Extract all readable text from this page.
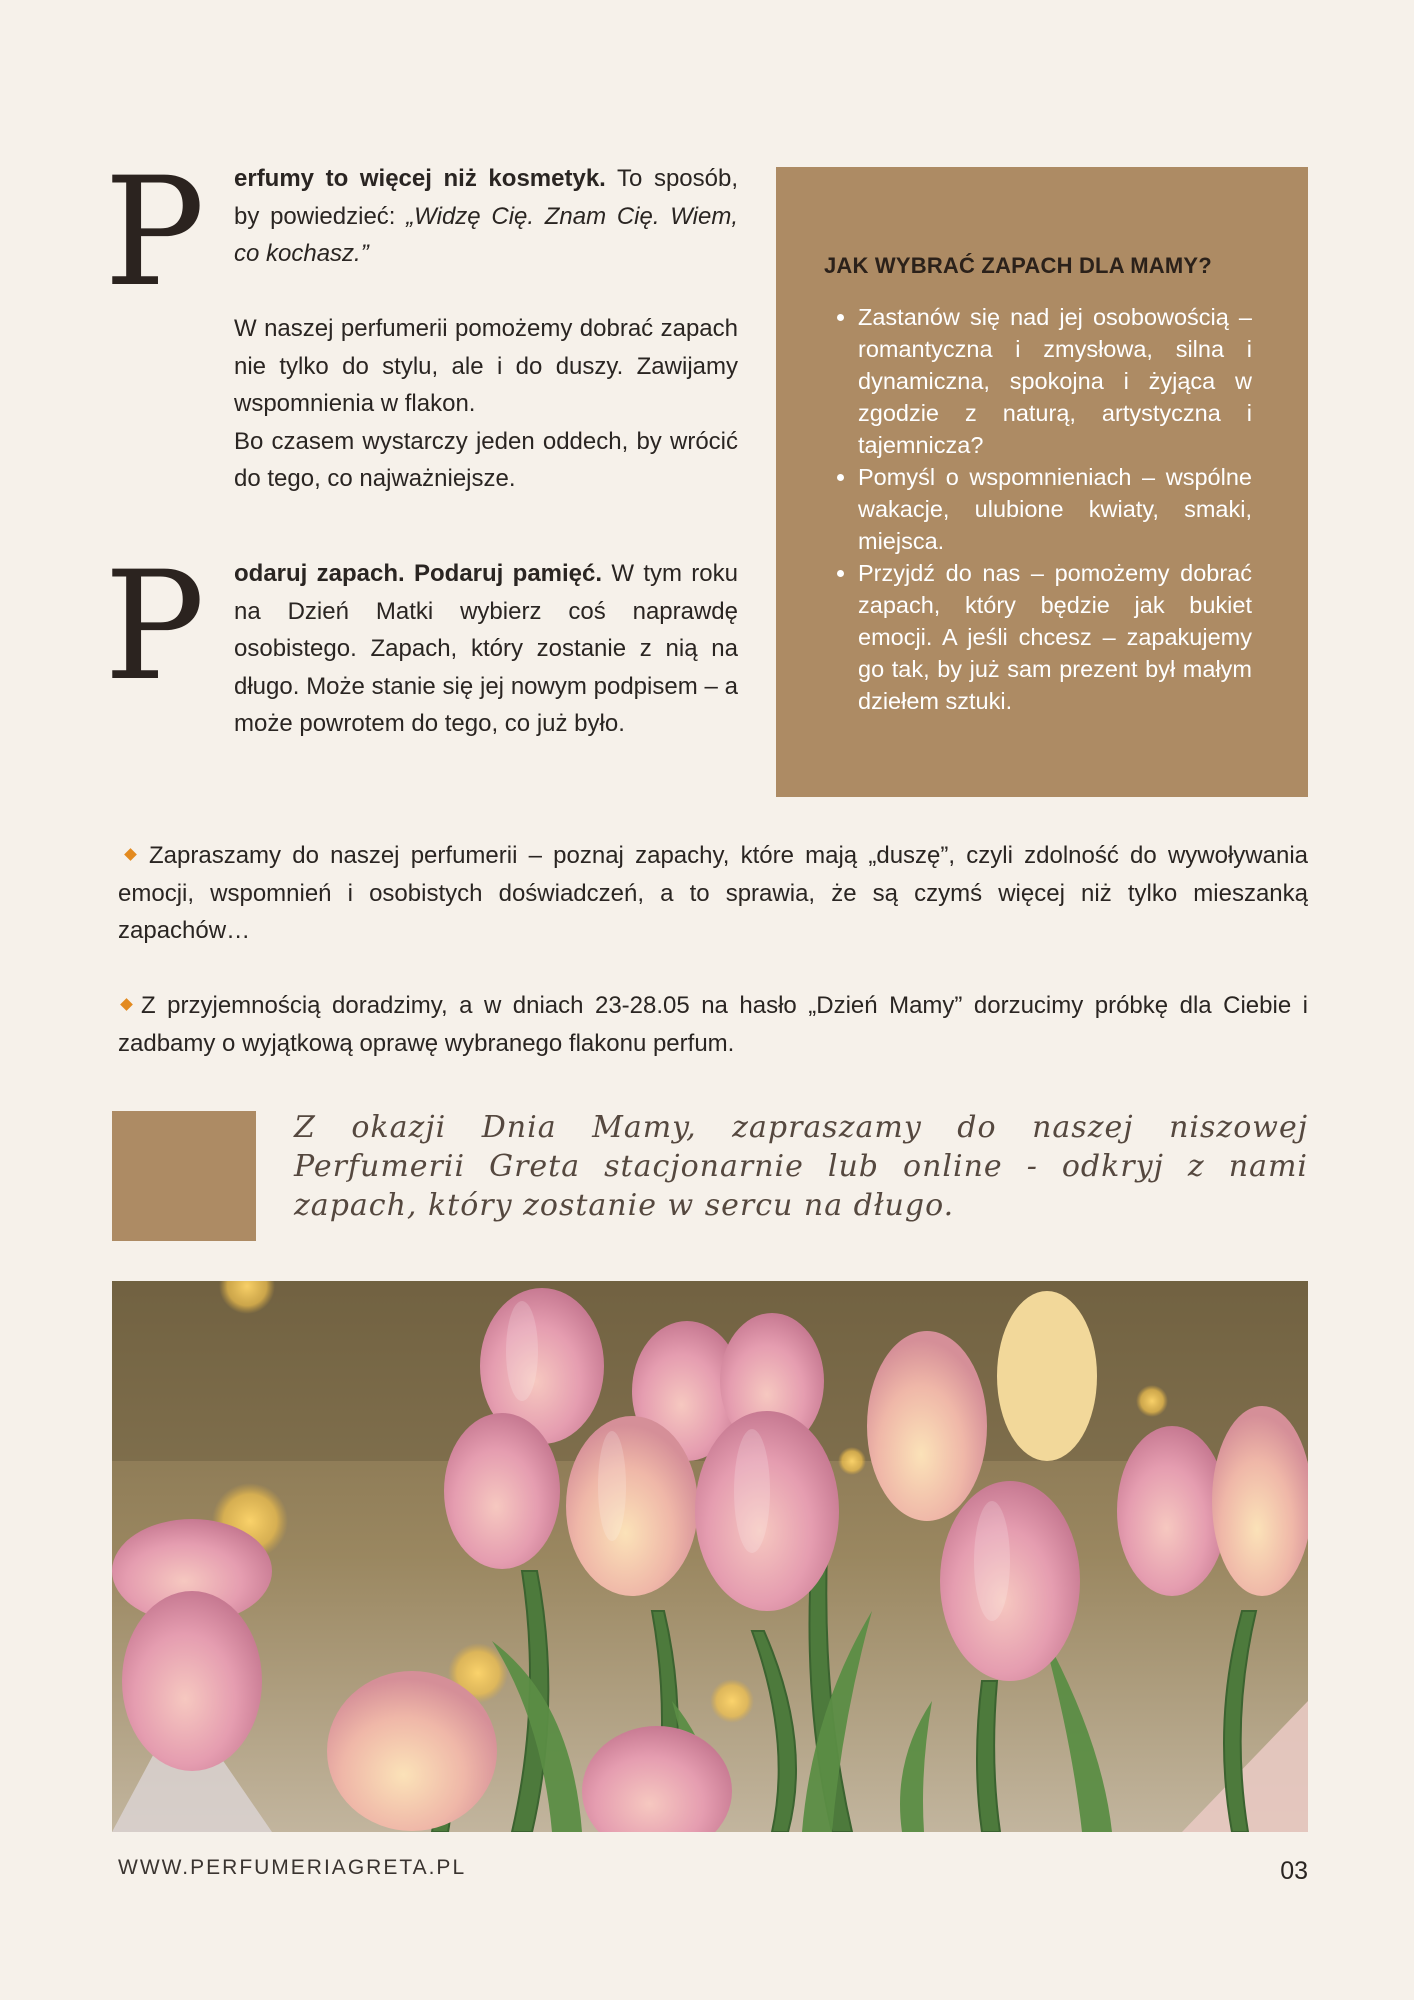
P erfumy to więcej niż kosmetyk. To sposób, by powiedzieć: „Widzę Cię. Znam Cię. Wiem, co kochasz.”

W naszej perfumerii pomożemy dobrać zapach nie tylko do stylu, ale i do duszy. Zawijamy wspomnienia w flakon.

Bo czasem wystarczy jeden oddech, by wrócić do tego, co najważniejsze.

P odaruj zapach. Podaruj pamięć. W tym roku na Dzień Matki wybierz coś naprawdę osobistego. Zapach, który zostanie z nią na długo. Może stanie się jej nowym podpisem – a może powrotem do tego, co już było.

JAK WYBRAĆ ZAPACH DLA MAMY?
• Zastanów się nad jej osobowością – romantyczna i zmysłowa, silna i dynamiczna, spokojna i żyjąca w zgodzie z naturą, artystyczna i tajemnicza?
• Pomyśl o wspomnieniach – wspólne wakacje, ulubione kwiaty, smaki, miejsca.
• Przyjdź do nas – pomożemy dobrać zapach, który będzie jak bukiet emocji. A jeśli chcesz – zapakujemy go tak, by już sam prezent był małym dziełem sztuki.

Zapraszamy do naszej perfumerii – poznaj zapachy, które mają „duszę”, czyli zdolność do wywoływania emocji, wspomnień i osobistych doświadczeń, a to sprawia, że są czymś więcej niż tylko mieszanką zapachów…

Z przyjemnością doradzimy, a w dniach 23-28.05 na hasło „Dzień Mamy” dorzucimy próbkę dla Ciebie i zadbamy o wyjątkową oprawę wybranego flakonu perfum.

Z okazji Dnia Mamy, zapraszamy do naszej niszowej Perfumerii Greta stacjonarnie lub online - odkryj z nami zapach, który zostanie w sercu na długo.

WWW.PERFUMERIAGRETA.PL	03
